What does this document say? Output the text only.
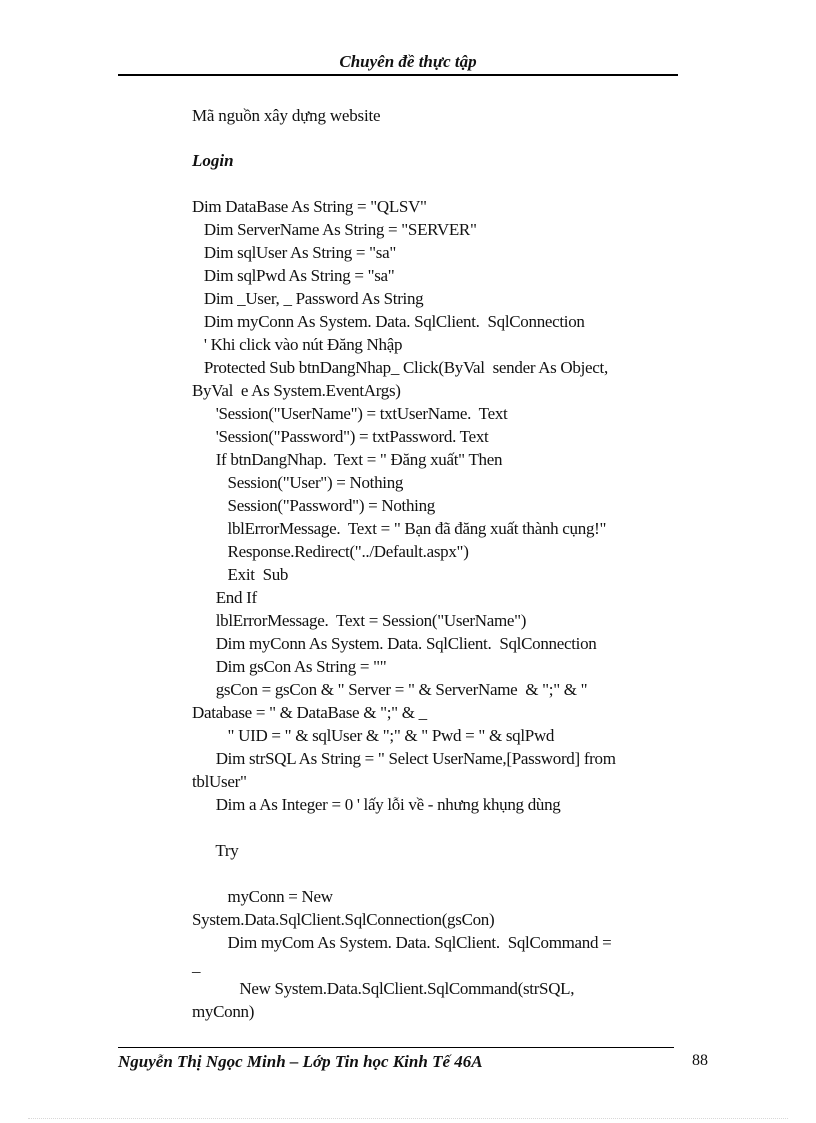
Chuyên đề thực tập
Mã nguồn xây dựng website
Login
Dim DataBase As String = "QLSV"
Dim ServerName As String = "SERVER"
Dim sqlUser As String = "sa"
Dim sqlPwd As String = "sa"
Dim _User, _ Password As String
Dim myConn As System. Data. SqlClient.  SqlConnection
' Khi click vào nút Đăng Nhập
Protected Sub btnDangNhap_ Click(ByVal  sender As Object,
ByVal  e As System.EventArgs)
'Session("UserName") = txtUserName.  Text
'Session("Password") = txtPassword. Text
If btnDangNhap.  Text = " Đăng xuất" Then
Session("User") = Nothing
Session("Password") = Nothing
lblErrorMessage.  Text = " Bạn đã đăng xuất thành cụng!"
Response.Redirect("../Default.aspx")
Exit  Sub
End If
lblErrorMessage.  Text = Session("UserName")
Dim myConn As System. Data. SqlClient.  SqlConnection
Dim gsCon As String = ""
gsCon = gsCon & " Server = " & ServerName  & ";" & "
Database = " & DataBase & ";" & _
" UID = " & sqlUser & ";" & " Pwd = " & sqlPwd
Dim strSQL As String = " Select UserName,[Password] from
tblUser"
Dim a As Integer = 0 ' lấy lỗi về - nhưng khụng dùng
Try
myConn = New
System.Data.SqlClient.SqlConnection(gsCon)
Dim myCom As System. Data. SqlClient.  SqlCommand =
_
New System.Data.SqlClient.SqlCommand(strSQL,
myConn)
Nguyễn Thị Ngọc Minh – Lớp Tin học Kinh Tế 46A	88
